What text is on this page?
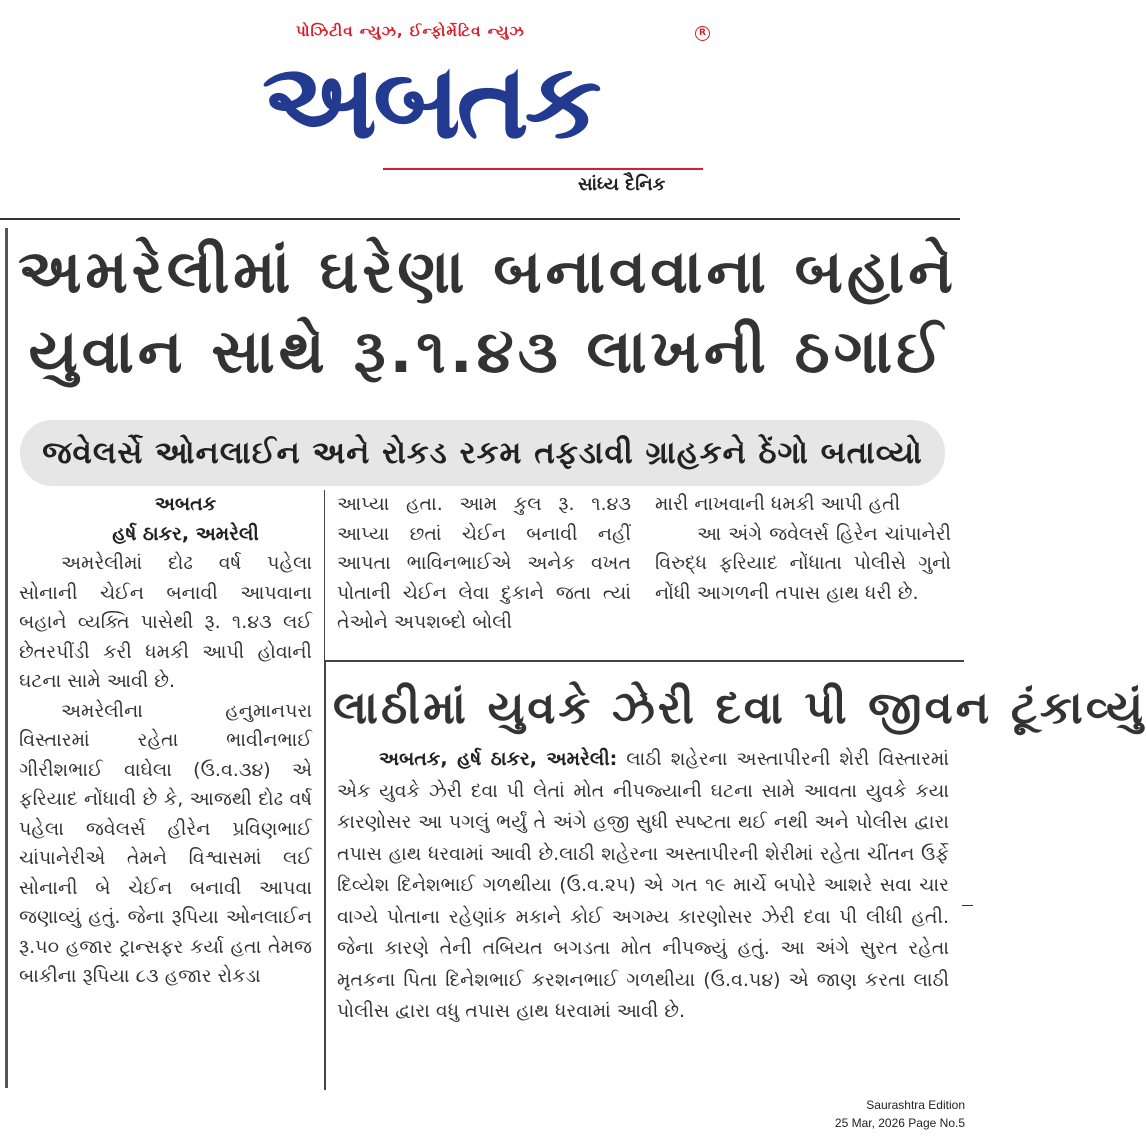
પોઝિટીવ ન્યુઝ, ઈન્ફોર્મેટિવ ન્યુઝ	R
અબતક
સાંધ્ય દૈનિક
અમરેલીમાં ઘરેણા બનાવવાના બહાને
યુવાન સાથે રૂ.૧.૪૩ લાખની ઠગાઈ
જવેલર્સે ઓનલાઈન અને રોકડ રકમ તફડાવી ગ્રાહકને ઠેંગો બતાવ્યો

અબતક

હર્ષ ઠાકર, અમરેલી

અમરેલીમાં દોઢ વર્ષ પહેલા સોનાની ચેઈન બનાવી આપવાના બહાને વ્યક્તિ પાસેથી રૂ. ૧.૪૩ લઈ છેતરપીંડી કરી ધમકી આપી હોવાની ઘટના સામે આવી છે.

અમરેલીના હનુમાનપરા વિસ્તારમાં રહેતા ભાવીનભાઈ ગીરીશભાઈ વાઘેલા (ઉ.વ.૩૪) એ ફરિયાદ નોંધાવી છે કે, આજથી દોઢ વર્ષ પહેલા જવેલર્સ હીરેન પ્રવિણભાઈ ચાંપાનેરીએ તેમને વિશ્વાસમાં લઈ સોનાની બે ચેઈન બનાવી આપવા જણાવ્યું હતું. જેના રૂપિયા ઓનલાઈન રૂ.૫૦ હજાર ટ્રાન્સફર કર્યા હતા તેમજ બાકીના રૂપિયા ૮૩ હજાર રોકડા

આપ્યા હતા. આમ કુલ રૂ. ૧.૪૩ આપ્યા છતાં ચેઈન બનાવી નહીં આપતા ભાવિનભાઈએ અનેક વખત પોતાની ચેઈન લેવા દુકાને જતા ત્યાં તેઓને અપશબ્દો બોલી

મારી નાખવાની ધમકી આપી હતી

આ અંગે જવેલર્સ હિરેન ચાંપાનેરી વિરુદ્ધ ફરિયાદ નોંધાતા પોલીસે ગુનો નોંધી આગળની તપાસ હાથ ધરી છે.

લાઠીમાં યુવકે ઝેરી દવા પી જીવન ટૂંકાવ્યું

અબતક, હર્ષ ઠાકર, અમરેલી: લાઠી શહેરના અસ્તાપીરની શેરી વિસ્તારમાં એક યુવકે ઝેરી દવા પી લેતાં મોત નીપજ્યાની ઘટના સામે આવતા યુવકે કયા કારણોસર આ પગલું ભર્યું તે અંગે હજી સુધી સ્પષ્ટતા થઈ નથી અને પોલીસ દ્વારા તપાસ હાથ ધરવામાં આવી છે.લાઠી શહેરના અસ્તાપીરની શેરીમાં રહેતા ચીંતન ઉર્ફે દિવ્યેશ દિનેશભાઈ ગળથીયા (ઉ.વ.૨૫) એ ગત ૧૯ માર્ચે બપોરે આશરે સવા ચાર વાગ્યે પોતાના રહેણાંક મકાને કોઈ અગમ્ય કારણોસર ઝેરી દવા પી લીધી હતી. જેના કારણે તેની તબિયત બગડતા મોત નીપજ્યું હતું. આ અંગે સુરત રહેતા મૃતકના પિતા દિનેશભાઈ કરશનભાઈ ગળથીયા (ઉ.વ.૫૪) એ જાણ કરતા લાઠી પોલીસ દ્વારા વધુ તપાસ હાથ ધરવામાં આવી છે.

Saurashtra Edition
25 Mar, 2026 Page No.5
